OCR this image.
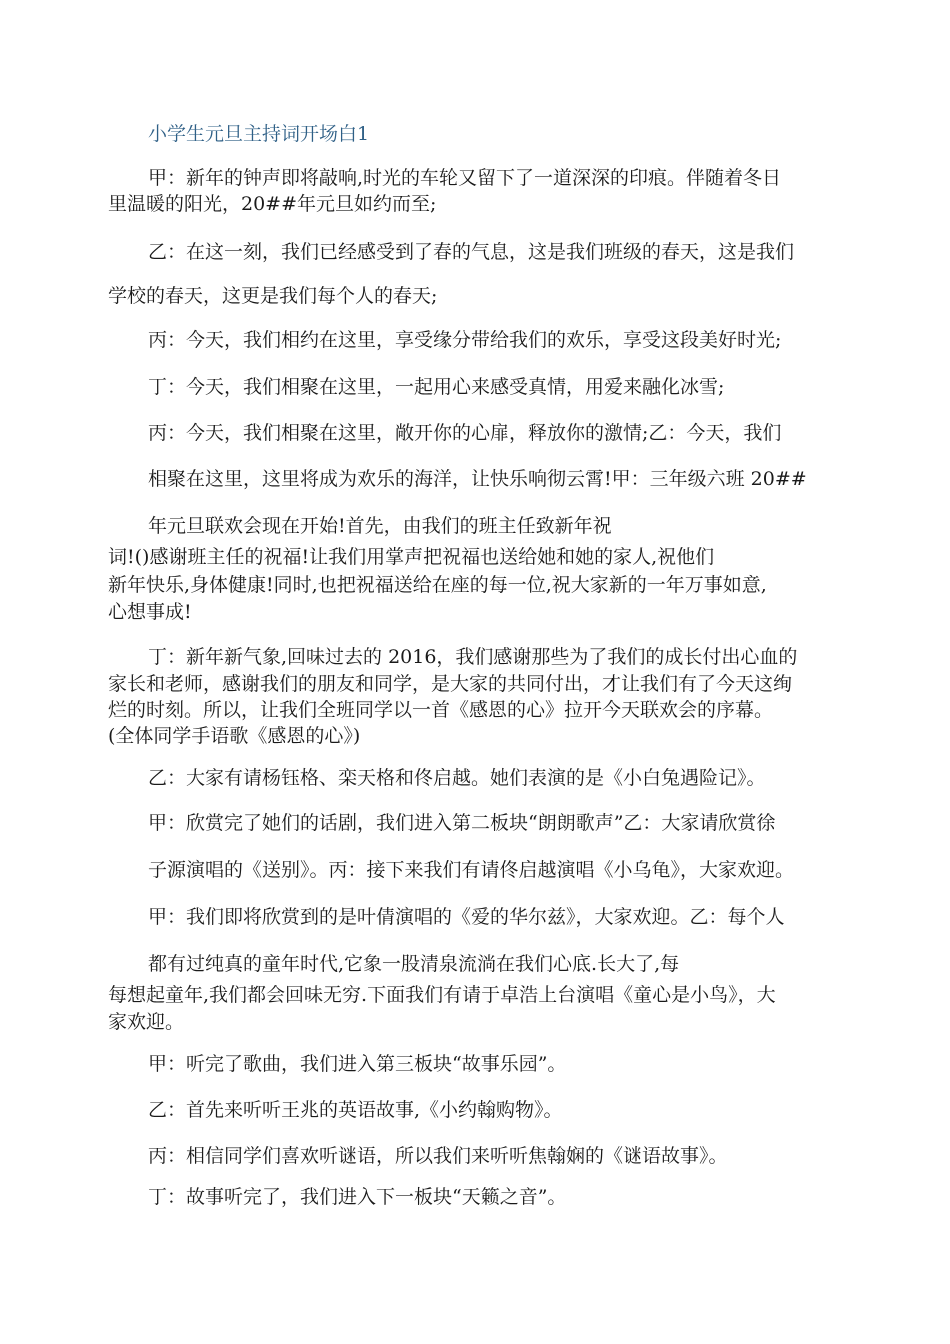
小学生元旦主持词开场白1
甲：新年的钟声即将敲响,时光的车轮又留下了一道深深的印痕。伴随着冬日
里温暖的阳光，20##年元旦如约而至;
乙：在这一刻，我们已经感受到了春的气息，这是我们班级的春天，这是我们
学校的春天，这更是我们每个人的春天;
丙：今天，我们相约在这里，享受缘分带给我们的欢乐，享受这段美好时光;
丁：今天，我们相聚在这里，一起用心来感受真情，用爱来融化冰雪;
丙：今天，我们相聚在这里，敞开你的心扉，释放你的激情;乙：今天，我们
相聚在这里，这里将成为欢乐的海洋，让快乐响彻云霄!甲：三年级六班 20##
年元旦联欢会现在开始!首先，由我们的班主任致新年祝
词!()感谢班主任的祝福!让我们用掌声把祝福也送给她和她的家人,祝他们
新年快乐,身体健康!同时,也把祝福送给在座的每一位,祝大家新的一年万事如意,
心想事成!
丁：新年新气象,回味过去的 2016，我们感谢那些为了我们的成长付出心血的
家长和老师，感谢我们的朋友和同学，是大家的共同付出，才让我们有了今天这绚
烂的时刻。所以，让我们全班同学以一首《感恩的心》拉开今天联欢会的序幕。
(全体同学手语歌《感恩的心》)
乙：大家有请杨钰格、栾天格和佟启越。她们表演的是《小白兔遇险记》。
甲：欣赏完了她们的话剧，我们进入第二板块“朗朗歌声”乙：大家请欣赏徐
子源演唱的《送别》。丙：接下来我们有请佟启越演唱《小乌龟》，大家欢迎。
甲：我们即将欣赏到的是叶倩演唱的《爱的华尔兹》，大家欢迎。乙：每个人
都有过纯真的童年时代,它象一股清泉流淌在我们心底.长大了,每
每想起童年,我们都会回味无穷.下面我们有请于卓浩上台演唱《童心是小鸟》，大
家欢迎。
甲：听完了歌曲，我们进入第三板块“故事乐园”。
乙：首先来听听王兆的英语故事,《小约翰购物》。
丙：相信同学们喜欢听谜语，所以我们来听听焦翰娴的《谜语故事》。
丁：故事听完了，我们进入下一板块“天籁之音”。
